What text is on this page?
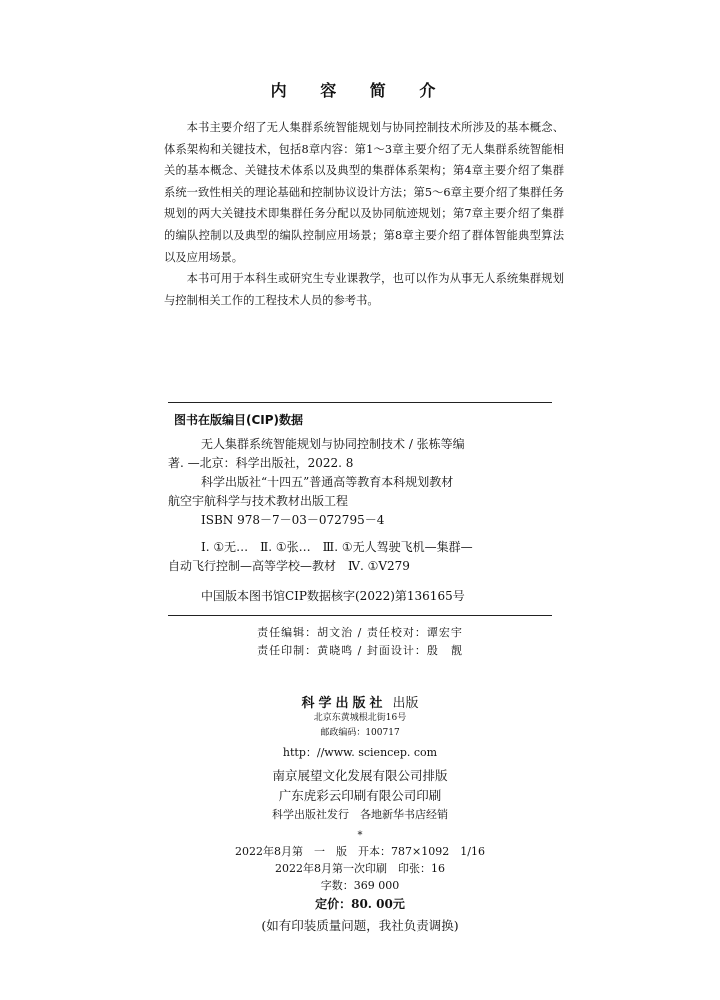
内 容 简 介

本书主要介绍了无人集群系统智能规划与协同控制技术所涉及的基本概念、体系架构和关键技术，包括8章内容：第1～3章主要介绍了无人集群系统智能相关的基本概念、关键技术体系以及典型的集群体系架构；第4章主要介绍了集群系统一致性相关的理论基础和控制协议设计方法；第5～6章主要介绍了集群任务规划的两大关键技术即集群任务分配以及协同航迹规划；第7章主要介绍了集群的编队控制以及典型的编队控制应用场景；第8章主要介绍了群体智能典型算法以及应用场景。

本书可用于本科生或研究生专业课教学，也可以作为从事无人系统集群规划与控制相关工作的工程技术人员的参考书。

图书在版编目(CIP)数据
无人集群系统智能规划与协同控制技术 / 张栋等编
著. —北京：科学出版社，2022. 8
科学出版社“十四五”普通高等教育本科规划教材
航空宇航科学与技术教材出版工程
ISBN 978－7－03－072795－4
Ⅰ. ①无…　Ⅱ. ①张…　Ⅲ. ①无人驾驶飞机—集群—
自动飞行控制—高等学校—教材　Ⅳ. ①V279
中国版本图书馆CIP数据核字(2022)第136165号
责任编辑：胡文治 / 责任校对：谭宏宇
责任印制：黄晓鸣 / 封面设计：殷　靓
科学出版社 出版
北京东黄城根北街16号
邮政编码：100717
http：//www. sciencep. com
南京展望文化发展有限公司排版
广东虎彩云印刷有限公司印刷
科学出版社发行　各地新华书店经销
*
2022年8月第　一　版　开本：787×1092　1/16
2022年8月第一次印刷　印张：16
字数：369 000
定价：80. 00元
(如有印装质量问题，我社负责调换)
